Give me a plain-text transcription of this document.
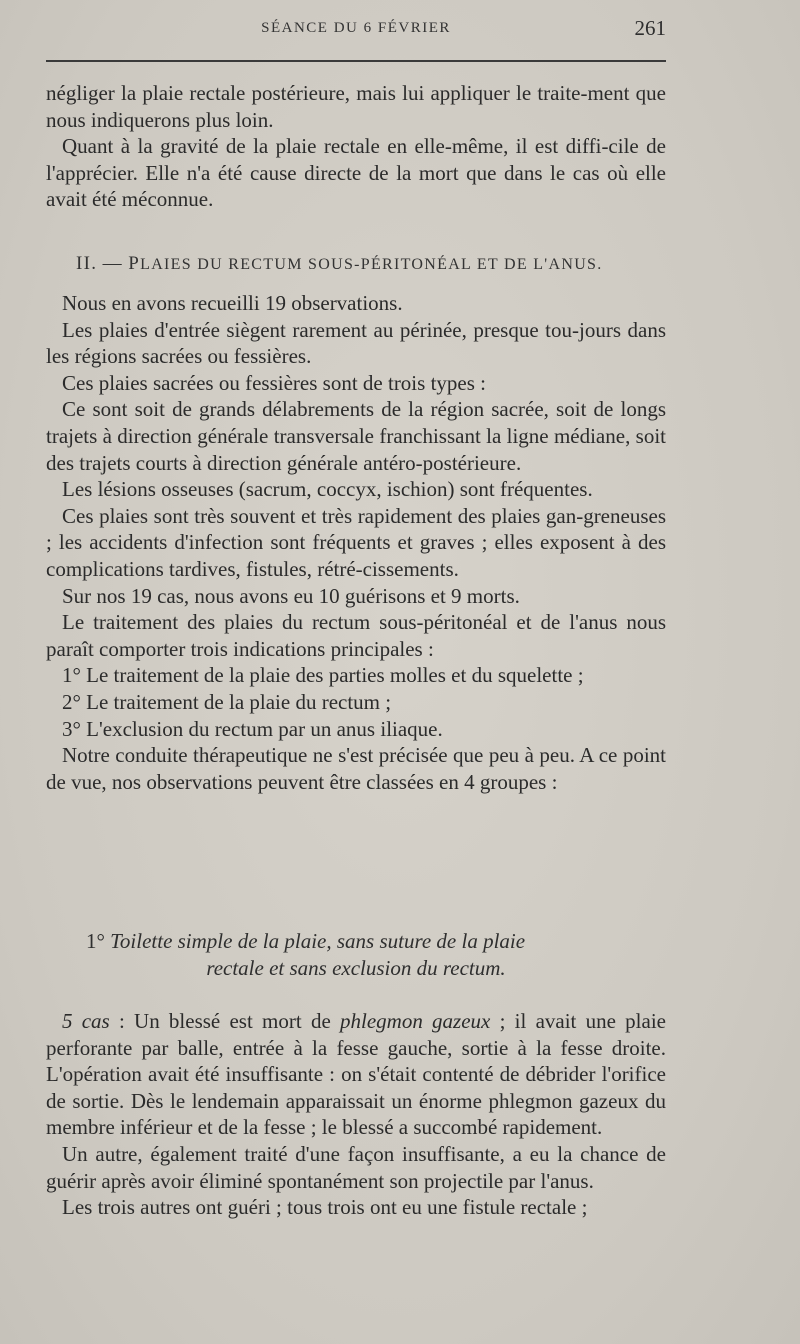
SÉANCE DU 6 FÉVRIER	261

négliger la plaie rectale postérieure, mais lui appliquer le traite-ment que nous indiquerons plus loin.

Quant à la gravité de la plaie rectale en elle-même, il est diffi-cile de l'apprécier. Elle n'a été cause directe de la mort que dans le cas où elle avait été méconnue.

II. — PLAIES DU RECTUM SOUS-PÉRITONÉAL ET DE L'ANUS.

Nous en avons recueilli 19 observations.

Les plaies d'entrée siègent rarement au périnée, presque tou-jours dans les régions sacrées ou fessières.

Ces plaies sacrées ou fessières sont de trois types :

Ce sont soit de grands délabrements de la région sacrée, soit de longs trajets à direction générale transversale franchissant la ligne médiane, soit des trajets courts à direction générale antéro-postérieure.

Les lésions osseuses (sacrum, coccyx, ischion) sont fréquentes.

Ces plaies sont très souvent et très rapidement des plaies gan-greneuses ; les accidents d'infection sont fréquents et graves ; elles exposent à des complications tardives, fistules, rétré-cissements.

Sur nos 19 cas, nous avons eu 10 guérisons et 9 morts.

Le traitement des plaies du rectum sous-péritonéal et de l'anus nous paraît comporter trois indications principales :

1° Le traitement de la plaie des parties molles et du squelette ;

2° Le traitement de la plaie du rectum ;

3° L'exclusion du rectum par un anus iliaque.

Notre conduite thérapeutique ne s'est précisée que peu à peu. A ce point de vue, nos observations peuvent être classées en 4 groupes :

1° Toilette simple de la plaie, sans suture de la plaie
rectale et sans exclusion du rectum.

5 cas : Un blessé est mort de phlegmon gazeux ; il avait une plaie perforante par balle, entrée à la fesse gauche, sortie à la fesse droite. L'opération avait été insuffisante : on s'était contenté de débrider l'orifice de sortie. Dès le lendemain apparaissait un énorme phlegmon gazeux du membre inférieur et de la fesse ; le blessé a succombé rapidement.

Un autre, également traité d'une façon insuffisante, a eu la chance de guérir après avoir éliminé spontanément son projectile par l'anus.

Les trois autres ont guéri ; tous trois ont eu une fistule rectale ;
